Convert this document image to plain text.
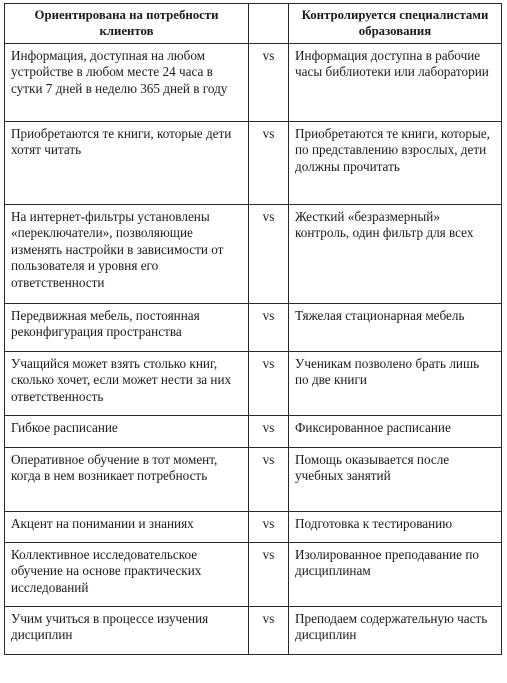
Ориентирована на потребности клиентов		Контролируется специалистами образования
Информация, доступная на любом устройстве в любом месте 24 часа в сутки 7 дней в неделю 365 дней в году	vs	Информация доступна в рабочие часы библиотеки или лаборатории
Приобретаются те книги, которые дети хотят читать	vs	Приобретаются те книги, которые, по представлению взрослых, дети должны прочитать
На интернет-фильтры установлены «переключатели», позволяющие изменять настройки в зависимости от пользователя и уровня его ответственности	vs	Жесткий «безразмерный» контроль, один фильтр для всех
Передвижная мебель, постоянная реконфигурация пространства	vs	Тяжелая стационарная мебель
Учащийся может взять столько книг, сколько хочет, если может нести за них ответственность	vs	Ученикам позволено брать лишь по две книги
Гибкое расписание	vs	Фиксированное расписание
Оперативное обучение в тот момент, когда в нем возникает потребность	vs	Помощь оказывается после учебных занятий
Акцент на понимании и знаниях	vs	Подготовка к тестированию
Коллективное исследовательское обучение на основе практических исследований	vs	Изолированное преподавание по дисциплинам
Учим учиться в процессе изучения дисциплин	vs	Преподаем содержательную часть дисциплин
